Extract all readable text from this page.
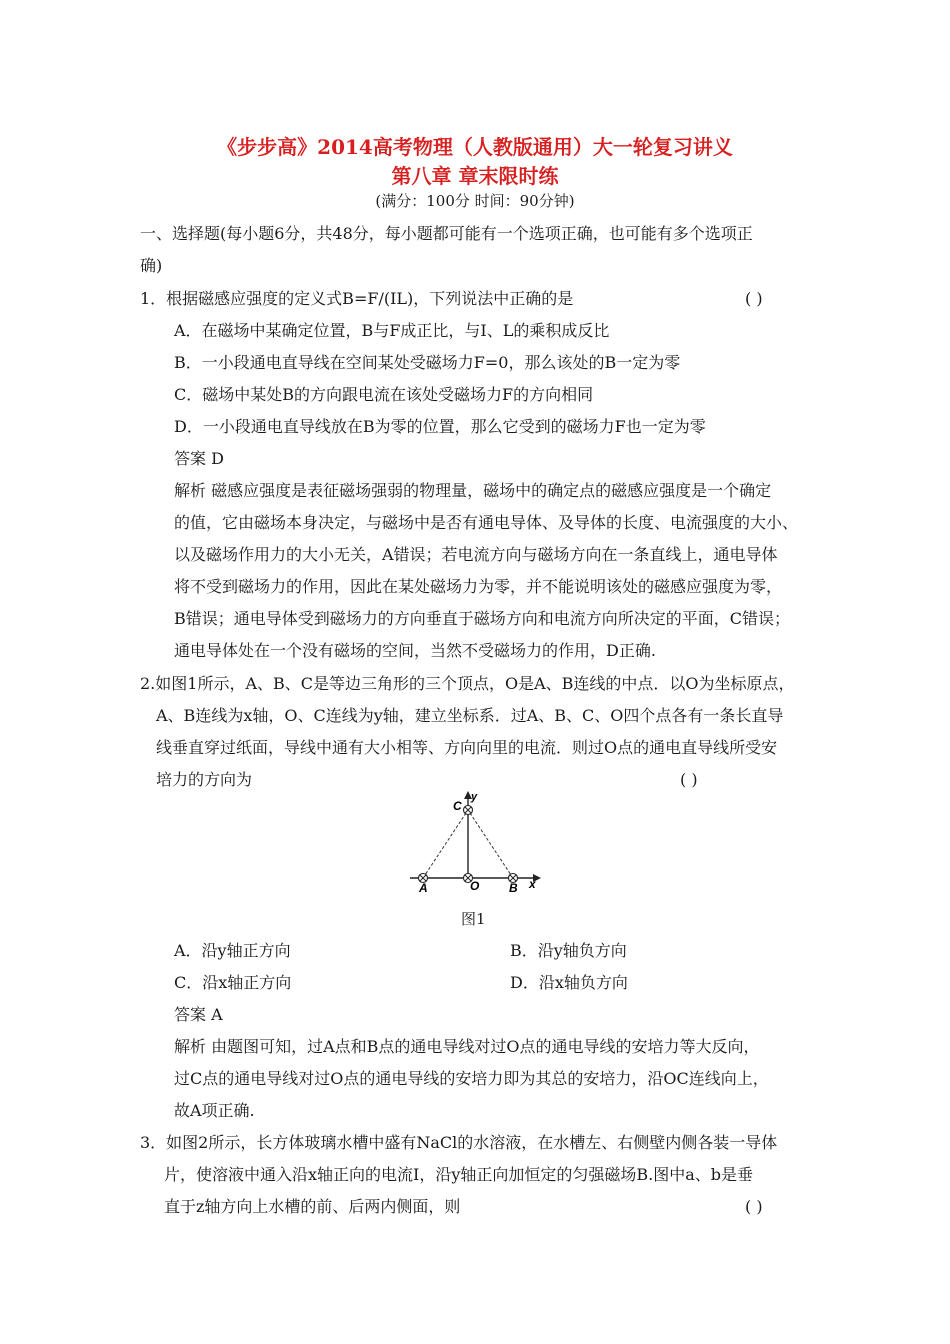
《步步高》2014高考物理（人教版通用）大一轮复习讲义
第八章 章末限时练
(满分：100分 时间：90分钟)
一、选择题(每小题6分，共48分，每小题都可能有一个选项正确，也可能有多个选项正
确)
1．根据磁感应强度的定义式B=F/(IL)，下列说法中正确的是	( )
A．在磁场中某确定位置，B与F成正比，与I、L的乘积成反比
B．一小段通电直导线在空间某处受磁场力F=0，那么该处的B一定为零
C．磁场中某处B的方向跟电流在该处受磁场力F的方向相同
D．一小段通电直导线放在B为零的位置，那么它受到的磁场力F也一定为零
答案 D
解析 磁感应强度是表征磁场强弱的物理量，磁场中的确定点的磁感应强度是一个确定
的值，它由磁场本身决定，与磁场中是否有通电导体、及导体的长度、电流强度的大小、
以及磁场作用力的大小无关，A错误；若电流方向与磁场方向在一条直线上，通电导体
将不受到磁场力的作用，因此在某处磁场力为零，并不能说明该处的磁感应强度为零，
B错误；通电导体受到磁场力的方向垂直于磁场方向和电流方向所决定的平面，C错误；
通电导体处在一个没有磁场的空间，当然不受磁场力的作用，D正确.
2.如图1所示，A、B、C是等边三角形的三个顶点，O是A、B连线的中点．以O为坐标原点，
A、B连线为x轴，O、C连线为y轴，建立坐标系．过A、B、C、O四个点各有一条长直导
线垂直穿过纸面，导线中通有大小相等、方向向里的电流．则过O点的通电直导线所受安
培力的方向为	( )
A	O B
C
x
y
图1
A．沿y轴正方向	B．沿y轴负方向
C．沿x轴正方向	D．沿x轴负方向
答案 A
解析 由题图可知，过A点和B点的通电导线对过O点的通电导线的安培力等大反向，
过C点的通电导线对过O点的通电导线的安培力即为其总的安培力，沿OC连线向上，
故A项正确.
3．如图2所示，长方体玻璃水槽中盛有NaCl的水溶液，在水槽左、右侧壁内侧各装一导体
片，使溶液中通入沿x轴正向的电流I，沿y轴正向加恒定的匀强磁场B.图中a、b是垂
直于z轴方向上水槽的前、后两内侧面，则	( )
